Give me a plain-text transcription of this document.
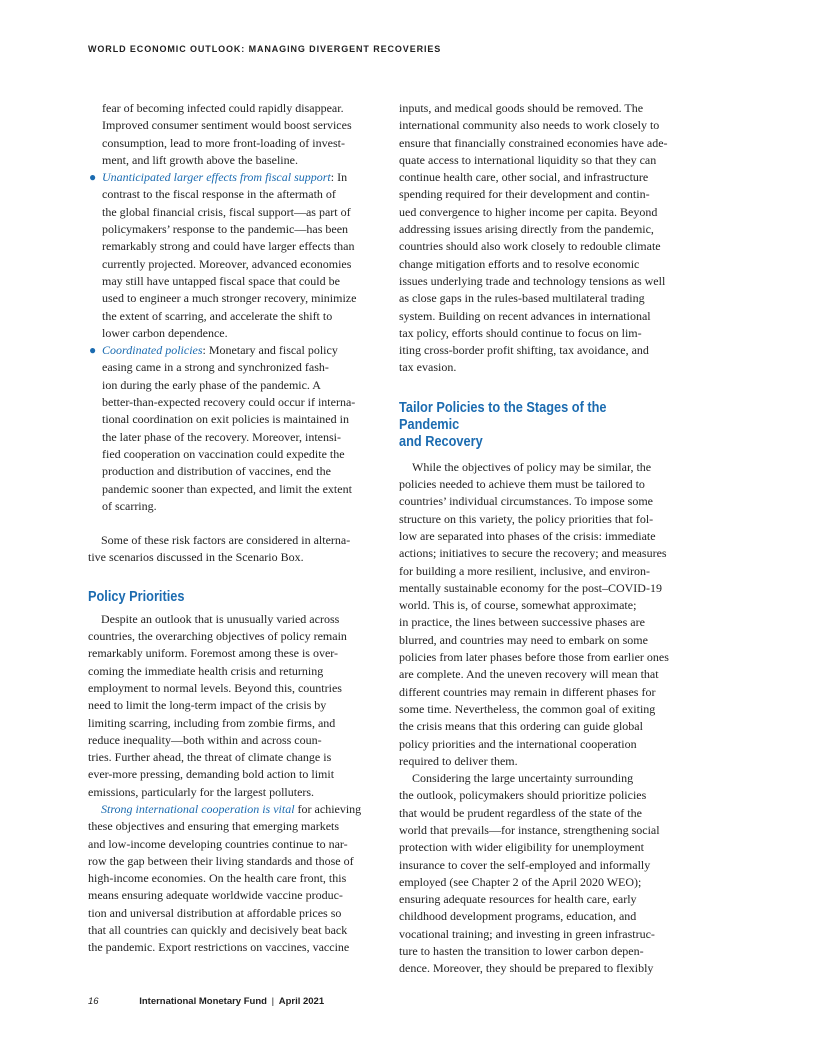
WORLD ECONOMIC OUTLOOK: MANAGING DIVERGENT RECOVERIES

fear of becoming infected could rapidly disappear.
Improved consumer sentiment would boost services
consumption, lead to more front-loading of invest-
ment, and lift growth above the baseline.

● Unanticipated larger effects from fiscal support: In
contrast to the fiscal response in the aftermath of
the global financial crisis, fiscal support—as part of
policymakers’ response to the pandemic—has been
remarkably strong and could have larger effects than
currently projected. Moreover, advanced economies
may still have untapped fiscal space that could be
used to engineer a much stronger recovery, minimize
the extent of scarring, and accelerate the shift to
lower carbon dependence.
● Coordinated policies: Monetary and fiscal policy
easing came in a strong and synchronized fash-
ion during the early phase of the pandemic. A
better-than-expected recovery could occur if interna-
tional coordination on exit policies is maintained in
the later phase of the recovery. Moreover, intensi-
fied cooperation on vaccination could expedite the
production and distribution of vaccines, end the
pandemic sooner than expected, and limit the extent
of scarring.

Some of these risk factors are considered in alterna-
tive scenarios discussed in the Scenario Box.

Policy Priorities

Despite an outlook that is unusually varied across
countries, the overarching objectives of policy remain
remarkably uniform. Foremost among these is over-
coming the immediate health crisis and returning
employment to normal levels. Beyond this, countries
need to limit the long-term impact of the crisis by
limiting scarring, including from zombie firms, and
reduce inequality—both within and across coun-
tries. Further ahead, the threat of climate change is
ever-more pressing, demanding bold action to limit
emissions, particularly for the largest polluters.

Strong international cooperation is vital for achieving
these objectives and ensuring that emerging markets
and low-income developing countries continue to nar-
row the gap between their living standards and those of
high-income economies. On the health care front, this
means ensuring adequate worldwide vaccine produc-
tion and universal distribution at affordable prices so
that all countries can quickly and decisively beat back
the pandemic. Export restrictions on vaccines, vaccine

inputs, and medical goods should be removed. The
international community also needs to work closely to
ensure that financially constrained economies have ade-
quate access to international liquidity so that they can
continue health care, other social, and infrastructure
spending required for their development and contin-
ued convergence to higher income per capita. Beyond
addressing issues arising directly from the pandemic,
countries should also work closely to redouble climate
change mitigation efforts and to resolve economic
issues underlying trade and technology tensions as well
as close gaps in the rules-based multilateral trading
system. Building on recent advances in international
tax policy, efforts should continue to focus on lim-
iting cross-border profit shifting, tax avoidance, and
tax evasion.

Tailor Policies to the Stages of the Pandemic
and Recovery

While the objectives of policy may be similar, the
policies needed to achieve them must be tailored to
countries’ individual circumstances. To impose some
structure on this variety, the policy priorities that fol-
low are separated into phases of the crisis: immediate
actions; initiatives to secure the recovery; and measures
for building a more resilient, inclusive, and environ-
mentally sustainable economy for the post–COVID-19
world. This is, of course, somewhat approximate;
in practice, the lines between successive phases are
blurred, and countries may need to embark on some
policies from later phases before those from earlier ones
are complete. And the uneven recovery will mean that
different countries may remain in different phases for
some time. Nevertheless, the common goal of exiting
the crisis means that this ordering can guide global
policy priorities and the international cooperation
required to deliver them.

Considering the large uncertainty surrounding
the outlook, policymakers should prioritize policies
that would be prudent regardless of the state of the
world that prevails—for instance, strengthening social
protection with wider eligibility for unemployment
insurance to cover the self-employed and informally
employed (see Chapter 2 of the April 2020 WEO);
ensuring adequate resources for health care, early
childhood development programs, education, and
vocational training; and investing in green infrastruc-
ture to hasten the transition to lower carbon depen-
dence. Moreover, they should be prepared to flexibly

16	International Monetary Fund | April 2021
